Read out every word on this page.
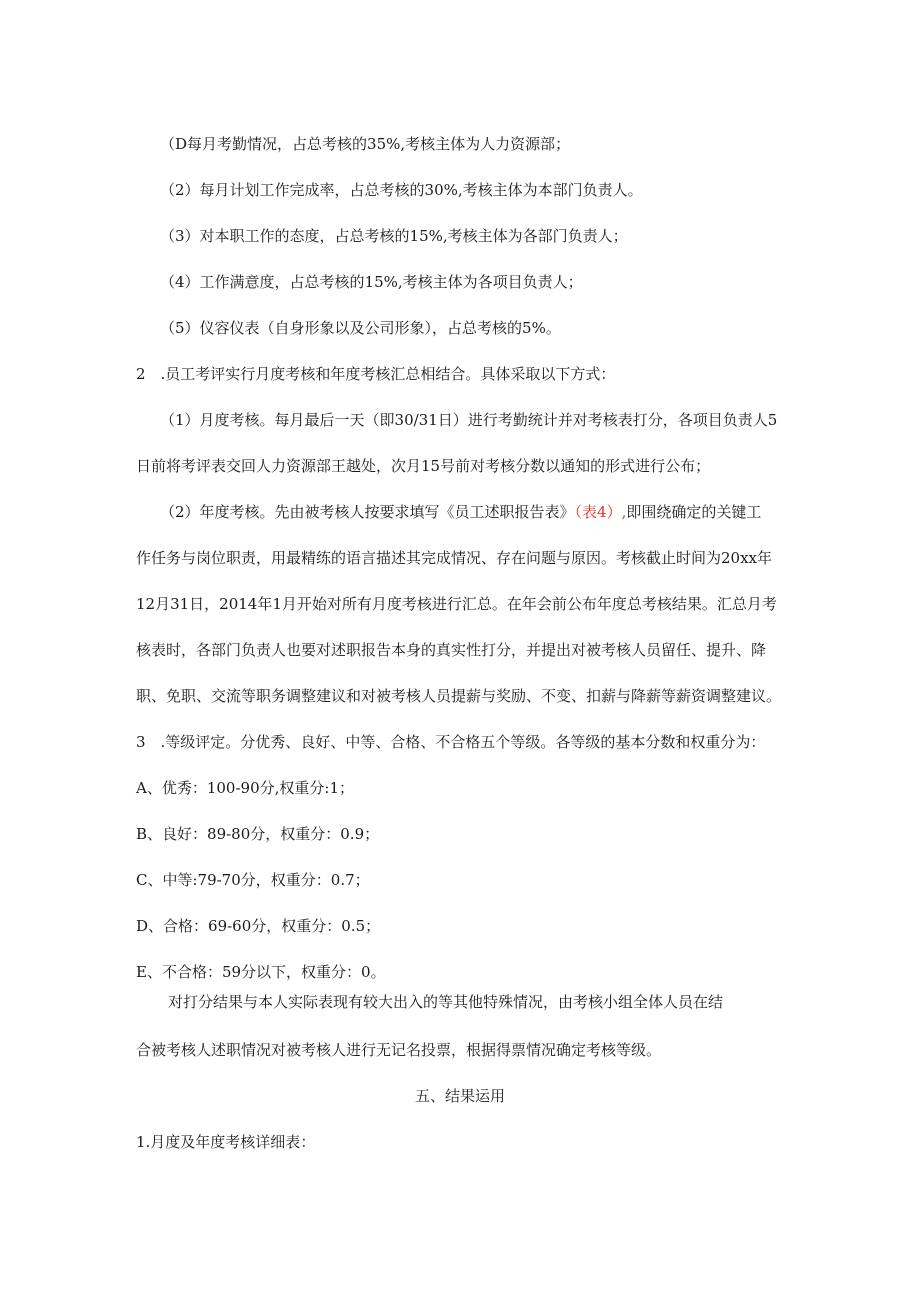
（D每月考勤情况，占总考核的35%,考核主体为人力资源部；
（2）每月计划工作完成率，占总考核的30%,考核主体为本部门负责人。
（3）对本职工作的态度，占总考核的15%,考核主体为各部门负责人；
（4）工作满意度，占总考核的15%,考核主体为各项目负责人；
（5）仪容仪表（自身形象以及公司形象），占总考核的5%。
2　.员工考评实行月度考核和年度考核汇总相结合。具体采取以下方式：
（1）月度考核。每月最后一天（即30/31日）进行考勤统计并对考核表打分，各项目负责人5
日前将考评表交回人力资源部王越处，次月15号前对考核分数以通知的形式进行公布；
（2）年度考核。先由被考核人按要求填写《员工述职报告表》（表4）,即围绕确定的关键工
作任务与岗位职责，用最精练的语言描述其完成情况、存在问题与原因。考核截止时间为20xx年
12月31日，2014年1月开始对所有月度考核进行汇总。在年会前公布年度总考核结果。汇总月考
核表时，各部门负责人也要对述职报告本身的真实性打分，并提出对被考核人员留任、提升、降
职、免职、交流等职务调整建议和对被考核人员提薪与奖励、不变、扣薪与降薪等薪资调整建议。
3　.等级评定。分优秀、良好、中等、合格、不合格五个等级。各等级的基本分数和权重分为：
A、优秀：100-90分,权重分:1；
B、良好：89-80分，权重分：0.9；
C、中等:79-70分，权重分：0.7；
D、合格：69-60分，权重分：0.5；
E、不合格：59分以下，权重分：0。
对打分结果与本人实际表现有较大出入的等其他特殊情况，由考核小组全体人员在结
合被考核人述职情况对被考核人进行无记名投票，根据得票情况确定考核等级。
五、结果运用
1.月度及年度考核详细表：
